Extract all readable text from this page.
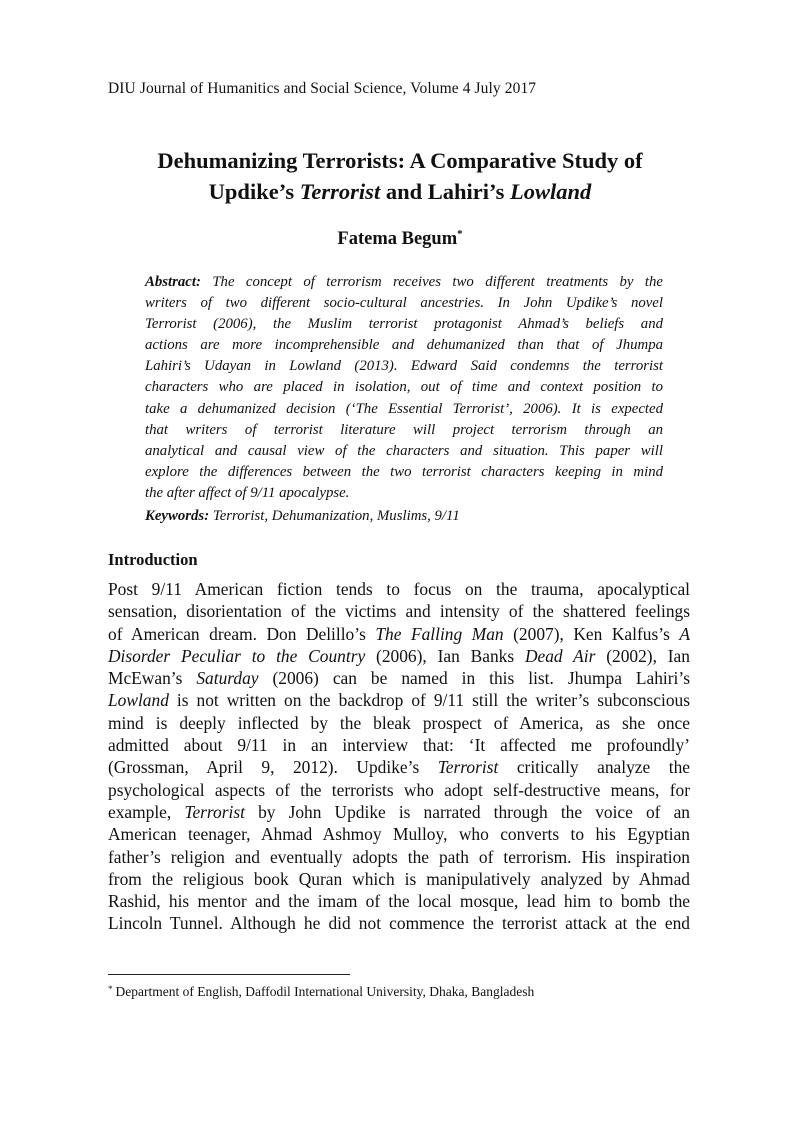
DIU Journal of Humanitics and Social Science, Volume 4 July 2017
Dehumanizing Terrorists: A Comparative Study of
Updike’s Terrorist and Lahiri’s Lowland
Fatema Begum*
Abstract: The concept of terrorism receives two different treatments by the
writers of two different socio-cultural ancestries. In John Updike’s novel
Terrorist (2006), the Muslim terrorist protagonist Ahmad’s beliefs and
actions are more incomprehensible and dehumanized than that of Jhumpa
Lahiri’s Udayan in Lowland (2013). Edward Said condemns the terrorist
characters who are placed in isolation, out of time and context position to
take a dehumanized decision (‘The Essential Terrorist’, 2006). It is expected
that writers of terrorist literature will project terrorism through an
analytical and causal view of the characters and situation. This paper will
explore the differences between the two terrorist characters keeping in mind
the after affect of 9/11 apocalypse.
Keywords: Terrorist, Dehumanization, Muslims, 9/11
Introduction
Post 9/11 American fiction tends to focus on the trauma, apocalyptical
sensation, disorientation of the victims and intensity of the shattered feelings
of American dream. Don Delillo’s The Falling Man (2007), Ken Kalfus’s A
Disorder Peculiar to the Country (2006), Ian Banks Dead Air (2002), Ian
McEwan’s Saturday (2006) can be named in this list. Jhumpa Lahiri’s
Lowland is not written on the backdrop of 9/11 still the writer’s subconscious
mind is deeply inflected by the bleak prospect of America, as she once
admitted about 9/11 in an interview that: ‘It affected me profoundly’
(Grossman, April 9, 2012). Updike’s Terrorist critically analyze the
psychological aspects of the terrorists who adopt self-destructive means, for
example, Terrorist by John Updike is narrated through the voice of an
American teenager, Ahmad Ashmoy Mulloy, who converts to his Egyptian
father’s religion and eventually adopts the path of terrorism. His inspiration
from the religious book Quran which is manipulatively analyzed by Ahmad
Rashid, his mentor and the imam of the local mosque, lead him to bomb the
Lincoln Tunnel. Although he did not commence the terrorist attack at the end
* Department of English, Daffodil International University, Dhaka, Bangladesh
